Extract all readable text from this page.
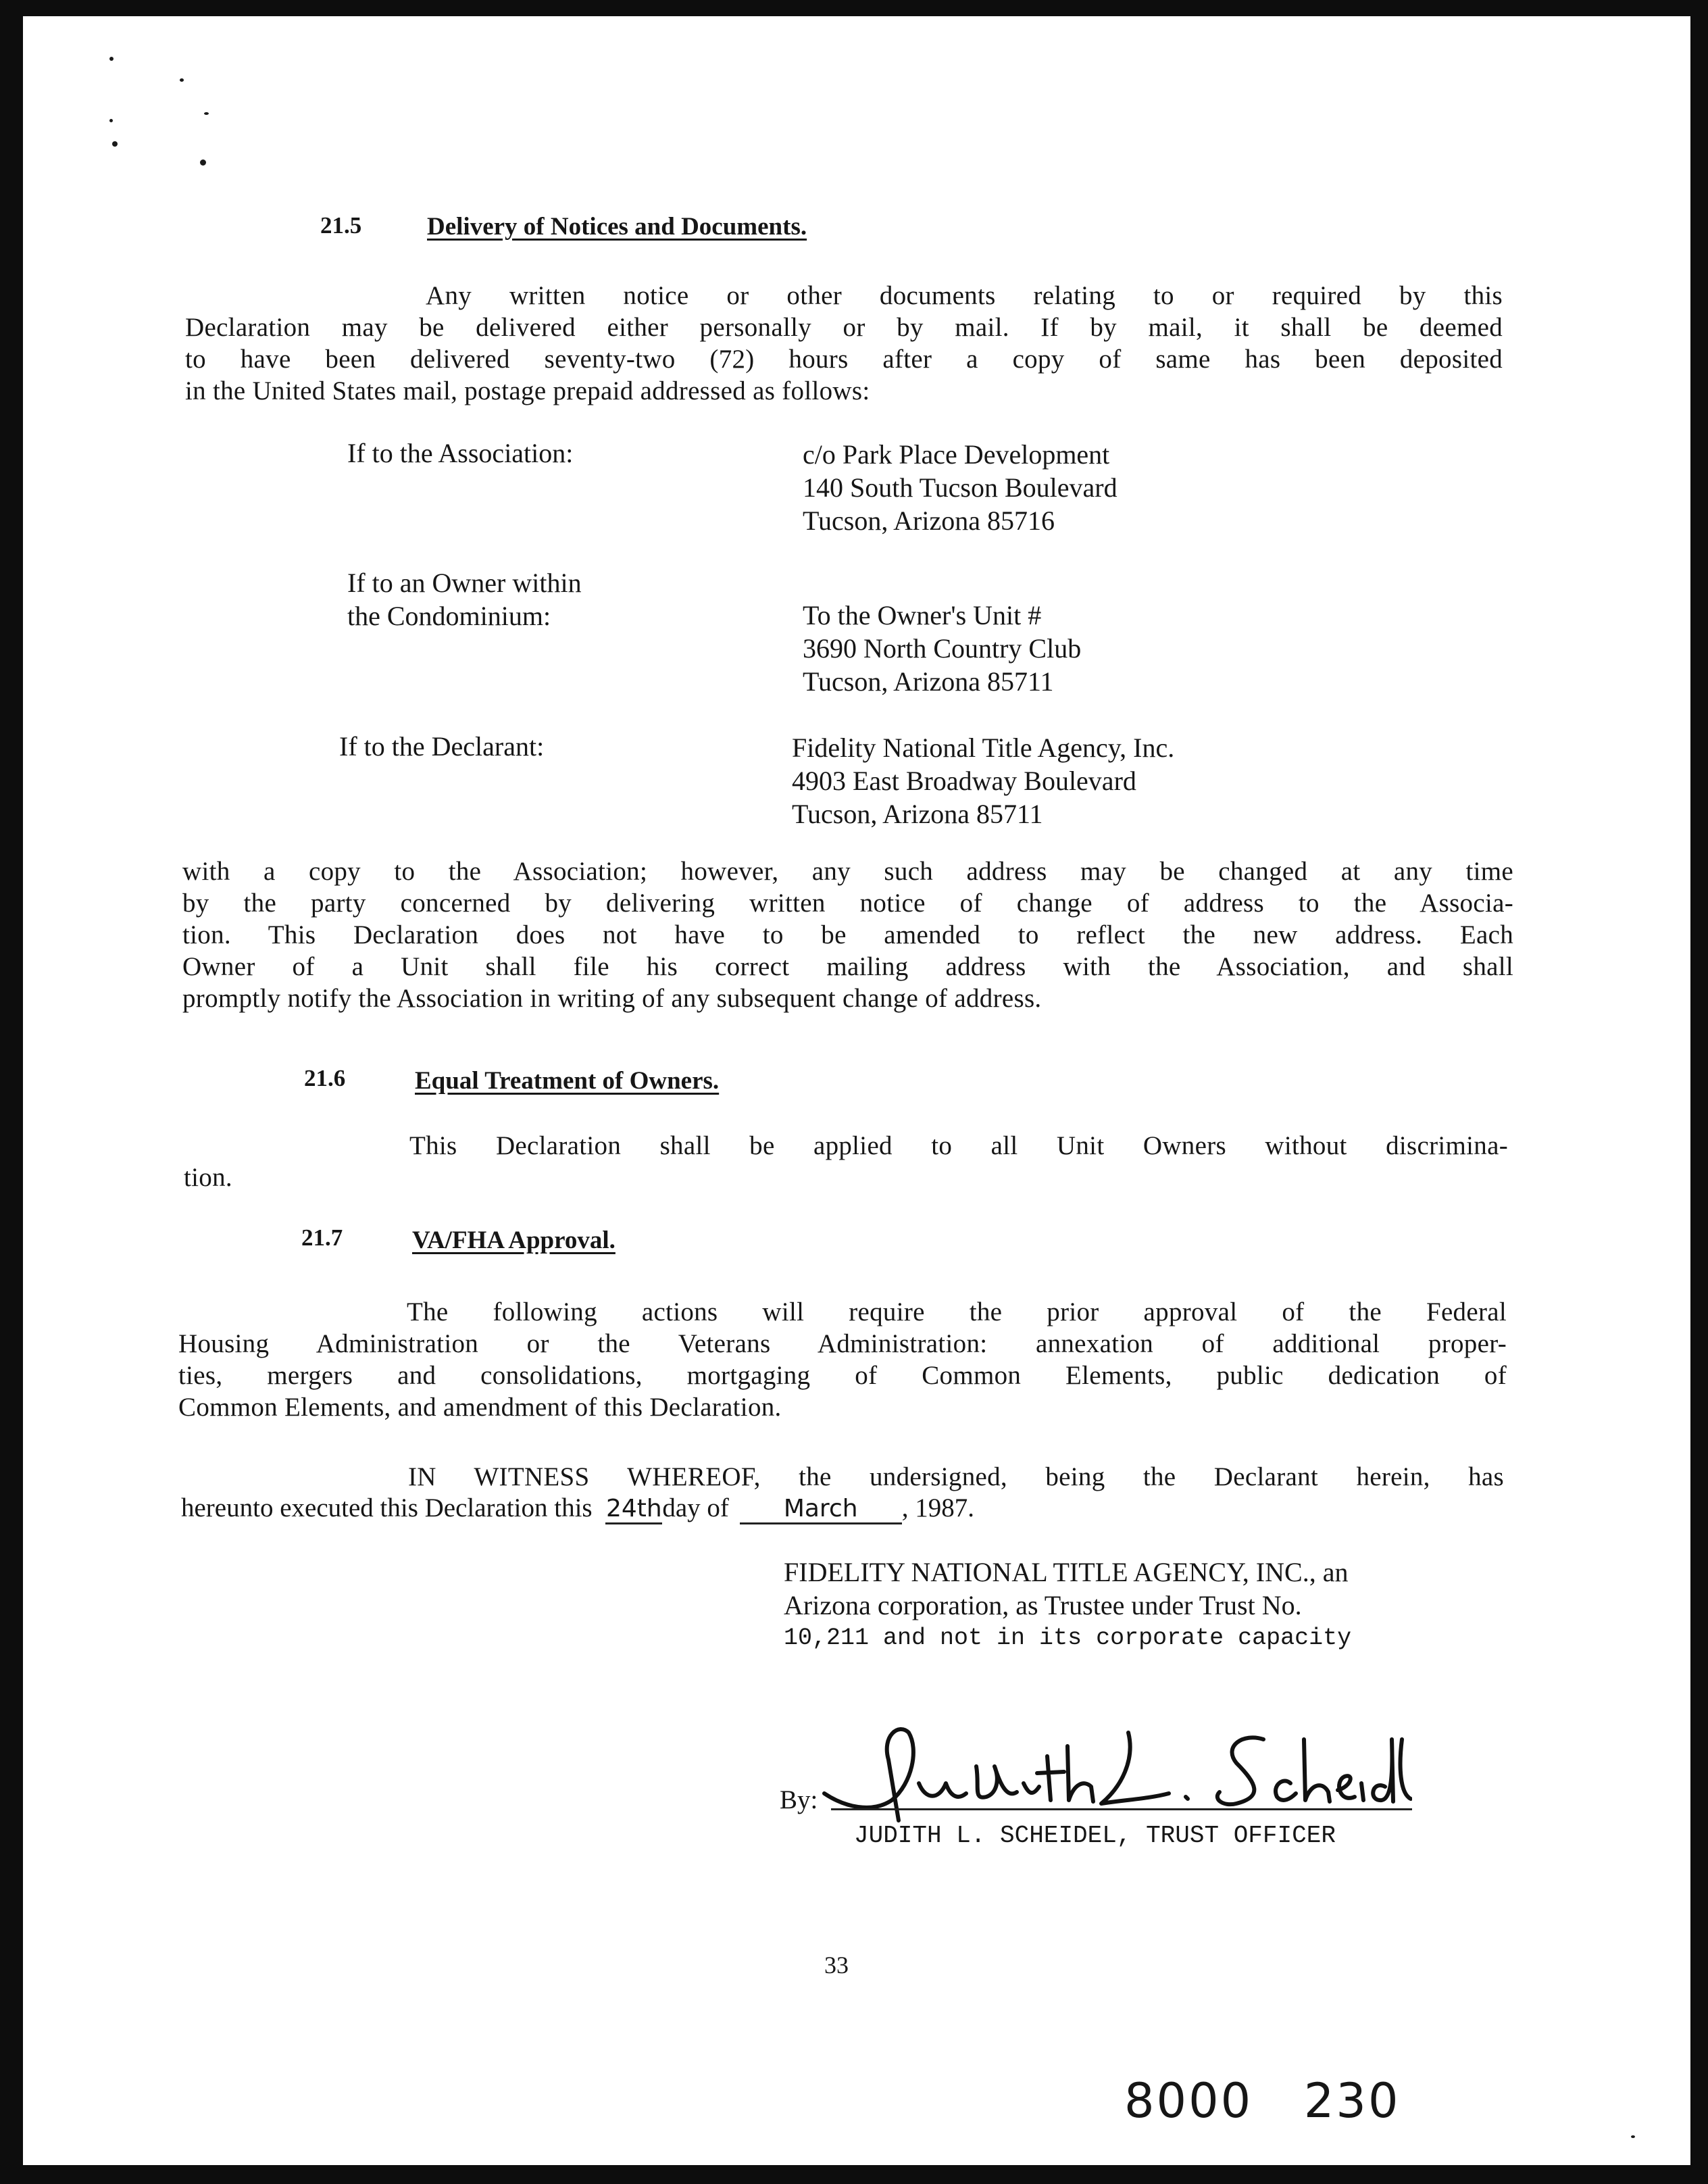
21.5	Delivery of Notices and Documents.
Any written notice or other documents relating to or required by this
Declaration may be delivered either personally or by mail. If by mail, it shall be deemed
to have been delivered seventy-two (72) hours after a copy of same has been deposited
in the United States mail, postage prepaid addressed as follows:
If to the Association:	c/o Park Place Development
140 South Tucson Boulevard
Tucson, Arizona 85716
If to an Owner within
the Condominium:	To the Owner's Unit #
3690 North Country Club
Tucson, Arizona 85711
If to the Declarant:	Fidelity National Title Agency, Inc.
4903 East Broadway Boulevard
Tucson, Arizona 85711
with a copy to the Association; however, any such address may be changed at any time
by the party concerned by delivering written notice of change of address to the Associa-
tion. This Declaration does not have to be amended to reflect the new address. Each
Owner of a Unit shall file his correct mailing address with the Association, and shall
promptly notify the Association in writing of any subsequent change of address.
21.6	Equal Treatment of Owners.
This Declaration shall be applied to all Unit Owners without discrimina-
tion.
21.7	VA/FHA Approval.
The following actions will require the prior approval of the Federal
Housing Administration or the Veterans Administration: annexation of additional proper-
ties, mergers and consolidations, mortgaging of Common Elements, public dedication of
Common Elements, and amendment of this Declaration.
IN WITNESS WHEREOF, the undersigned, being the Declarant herein, has
hereunto executed this Declaration this 24thday of March , 1987.
FIDELITY NATIONAL TITLE AGENCY, INC., an
Arizona corporation, as Trustee under Trust No.
10,211 and not in its corporate capacity
By:
JUDITH L. SCHEIDEL, TRUST OFFICER
33
8000   230
